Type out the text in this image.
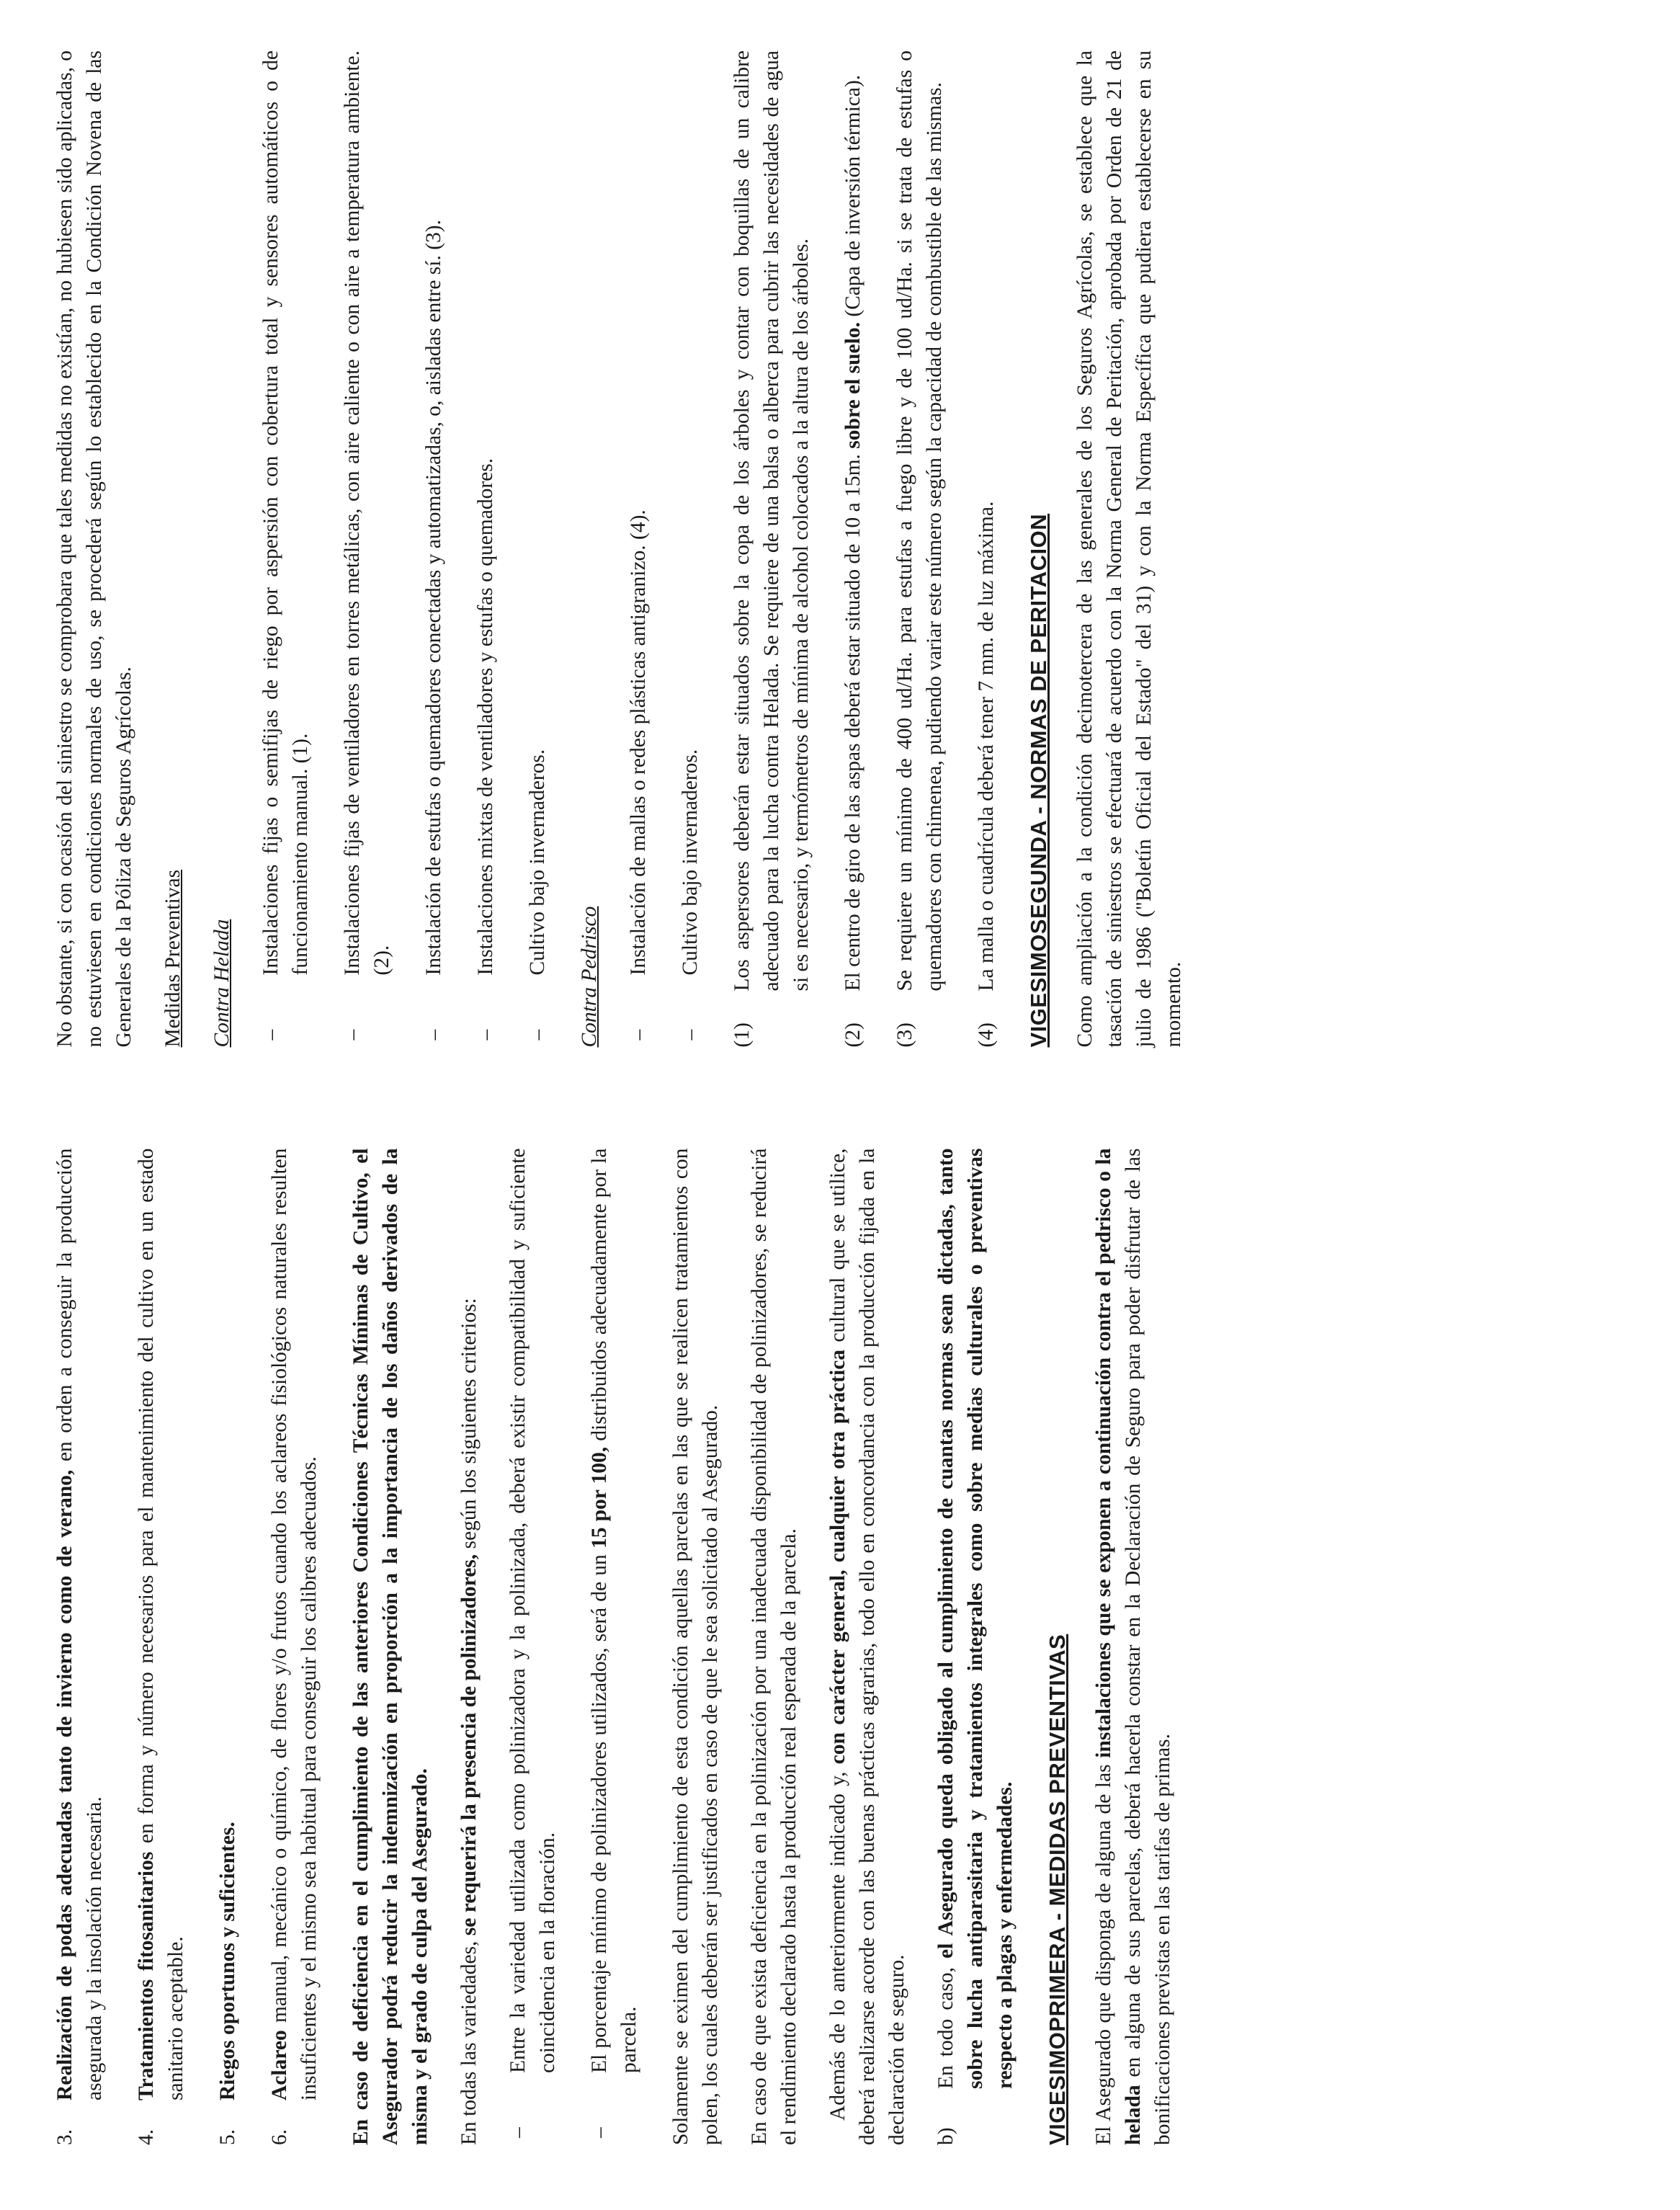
3.
Realización de podas adecuadas tanto de invierno como de verano, en orden a conseguir la producción asegurada y la insolación necesaria.
4.
Tratamientos fitosanitarios en forma y número necesarios para el mantenimiento del cultivo en un estado sanitario aceptable.
5.
Riegos oportunos y suficientes.
6.
Aclareo manual, mecánico o químico, de flores y/o frutos cuando los aclareos fisiológicos naturales resulten insuficientes y el mismo sea habitual para conseguir los calibres adecuados. En caso de deficiencia en el cumplimiento de las anteriores Condiciones Técnicas Mínimas de Cultivo, el Asegurador podrá reducir la indemnización en proporción a la importancia de los daños derivados de la misma y el grado de culpa del Asegurado. En todas las variedades, se requerirá la presencia de polinizadores, según los siguientes criterios:

–
Entre la variedad utilizada como polinizadora y la polinizada, deberá existir compatibilidad y suficiente coincidencia en la floración.
–
El porcentaje mínimo de polinizadores utilizados, será de un 15 por 100, distribuidos adecuadamente por la parcela. Solamente se eximen del cumplimiento de esta condición aquellas parcelas en las que se realicen tratamientos con polen, los cuales deberán ser justificados en caso de que le sea solicitado al Asegurado. En caso de que exista deficiencia en la polinización por una inadecuada disponibilidad de polinizadores, se reducirá el rendimiento declarado hasta la producción real esperada de la parcela. Además de lo anteriormente indicado y, con carácter general, cualquier otra práctica cultural que se utilice, deberá realizarse acorde con las buenas prácticas agrarias, todo ello en concordancia con la producción fijada en la declaración de seguro. b)
En todo caso, el Asegurado queda obligado al cumplimiento de cuantas normas sean dictadas, tanto sobre lucha antiparasitaria y tratamientos integrales como sobre medias culturales o preventivas respecto a plagas y enfermedades. VIGESIMOPRIMERA - MEDIDAS PREVENTIVAS El Asegurado que disponga de alguna de las instalaciones que se exponen a continuación contra el pedrisco o la helada en alguna de sus parcelas, deberá hacerla constar en la Declaración de Seguro para poder disfrutar de las bonificaciones previstas en las tarifas de primas.

No obstante, si con ocasión del siniestro se comprobara que tales medidas no existían, no hubiesen sido aplicadas, o no estuviesen en condiciones normales de uso, se procederá según lo establecido en la Condición Novena de las Generales de la Póliza de Seguros Agrícolas. Medidas Preventivas Contra Helada –
Instalaciones fijas o semifijas de riego por aspersión con cobertura total y sensores automáticos o de funcionamiento manual. (1).
–
Instalaciones fijas de ventiladores en torres metálicas, con aire caliente o con aire a temperatura ambiente. (2).
–
Instalación de estufas o quemadores conectadas y automatizadas, o, aisladas entre sí. (3).
–
Instalaciones mixtas de ventiladores y estufas o quemadores.
–
Cultivo bajo invernaderos.

Contra Pedrisco –
Instalación de mallas o redes plásticas antigranizo. (4).
–
Cultivo bajo invernaderos.
(1)
Los aspersores deberán estar situados sobre la copa de los árboles y contar con boquillas de un calibre adecuado para la lucha contra Helada. Se requiere de una balsa o alberca para cubrir las necesidades de agua si es necesario, y termómetros de mínima de alcohol colocados a la altura de los árboles.
(2)
El centro de giro de las aspas deberá estar situado de 10 a 15m. sobre el suelo. (Capa de inversión térmica).
(3)
Se requiere un mínimo de 400 ud/Ha. para estufas a fuego libre y de 100 ud/Ha. si se trata de estufas o quemadores con chimenea, pudiendo variar este número según la capacidad de combustible de las mismas.
(4)
La malla o cuadrícula deberá tener 7 mm. de luz máxima. VIGESIMOSEGUNDA - NORMAS DE PERITACION Como ampliación a la condición decimotercera de las generales de los Seguros Agrícolas, se establece que la tasación de siniestros se efectuará de acuerdo con la Norma General de Peritación, aprobada por Orden de 21 de julio de 1986 ("Boletín Oficial del Estado" del 31) y con la Norma Específica que pudiera establecerse en su momento.
